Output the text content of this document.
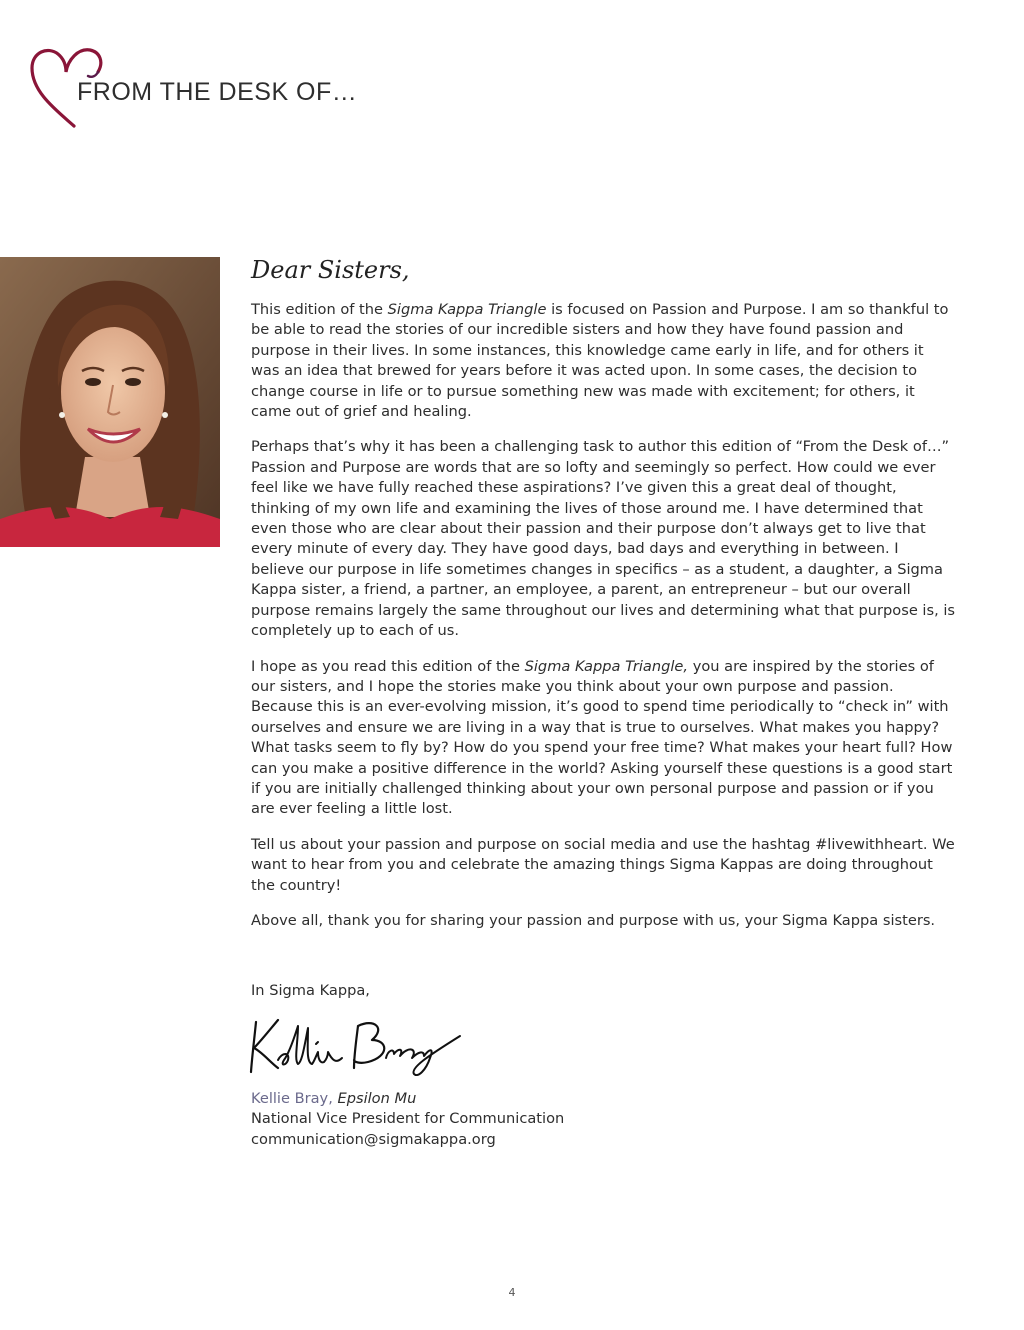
FROM THE DESK OF…
Dear Sisters,

This edition of the Sigma Kappa Triangle is focused on Passion and Purpose. I am so thankful to be able to read the stories of our incredible sisters and how they have found passion and purpose in their lives. In some instances, this knowledge came early in life, and for others it was an idea that brewed for years before it was acted upon. In some cases, the decision to change course in life or to pursue something new was made with excitement; for others, it came out of grief and healing.

Perhaps that’s why it has been a challenging task to author this edition of “From the Desk of…” Passion and Purpose are words that are so lofty and seemingly so perfect. How could we ever feel like we have fully reached these aspirations? I’ve given this a great deal of thought, thinking of my own life and examining the lives of those around me. I have determined that even those who are clear about their passion and their purpose don’t always get to live that every minute of every day. They have good days, bad days and everything in between. I believe our purpose in life sometimes changes in specifics – as a student, a daughter, a Sigma Kappa sister, a friend, a partner, an employee, a parent, an entrepreneur – but our overall purpose remains largely the same throughout our lives and determining what that purpose is, is completely up to each of us.

I hope as you read this edition of the Sigma Kappa Triangle, you are inspired by the stories of our sisters, and I hope the stories make you think about your own purpose and passion. Because this is an ever-evolving mission, it’s good to spend time periodically to “check in” with ourselves and ensure we are living in a way that is true to ourselves. What makes you happy? What tasks seem to fly by? How do you spend your free time? What makes your heart full? How can you make a positive difference in the world? Asking yourself these questions is a good start if you are initially challenged thinking about your own personal purpose and passion or if you are ever feeling a little lost.

Tell us about your passion and purpose on social media and use the hashtag #livewithheart. We want to hear from you and celebrate the amazing things Sigma Kappas are doing throughout the country!

Above all, thank you for sharing your passion and purpose with us, your Sigma Kappa sisters.

In Sigma Kappa,
Kellie Bray, Epsilon Mu
National Vice President for Communication
communication@sigmakappa.org
4
